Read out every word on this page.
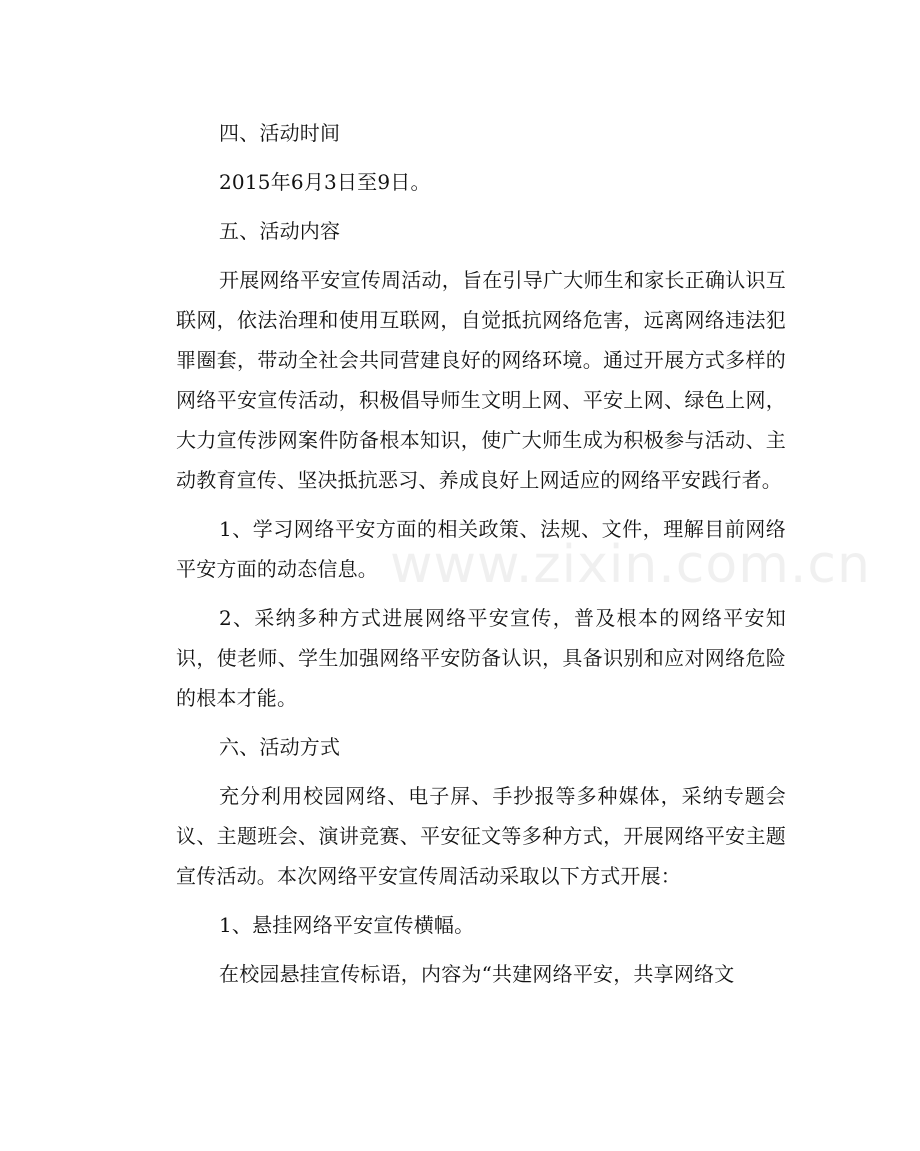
www.zixin.com.cn

四、活动时间

2015年6月3日至9日。

五、活动内容

开展网络平安宣传周活动，旨在引导广大师生和家长正确认识互联网，依法治理和使用互联网，自觉抵抗网络危害，远离网络违法犯罪圈套，带动全社会共同营建良好的网络环境。通过开展方式多样的网络平安宣传活动，积极倡导师生文明上网、平安上网、绿色上网，大力宣传涉网案件防备根本知识，使广大师生成为积极参与活动、主动教育宣传、坚决抵抗恶习、养成良好上网适应的网络平安践行者。

1、学习网络平安方面的相关政策、法规、文件，理解目前网络平安方面的动态信息。

2、采纳多种方式进展网络平安宣传，普及根本的网络平安知识，使老师、学生加强网络平安防备认识，具备识别和应对网络危险的根本才能。

六、活动方式

充分利用校园网络、电子屏、手抄报等多种媒体，采纳专题会议、主题班会、演讲竞赛、平安征文等多种方式，开展网络平安主题宣传活动。本次网络平安宣传周活动采取以下方式开展：

1、悬挂网络平安宣传横幅。

在校园悬挂宣传标语，内容为“共建网络平安，共享网络文
